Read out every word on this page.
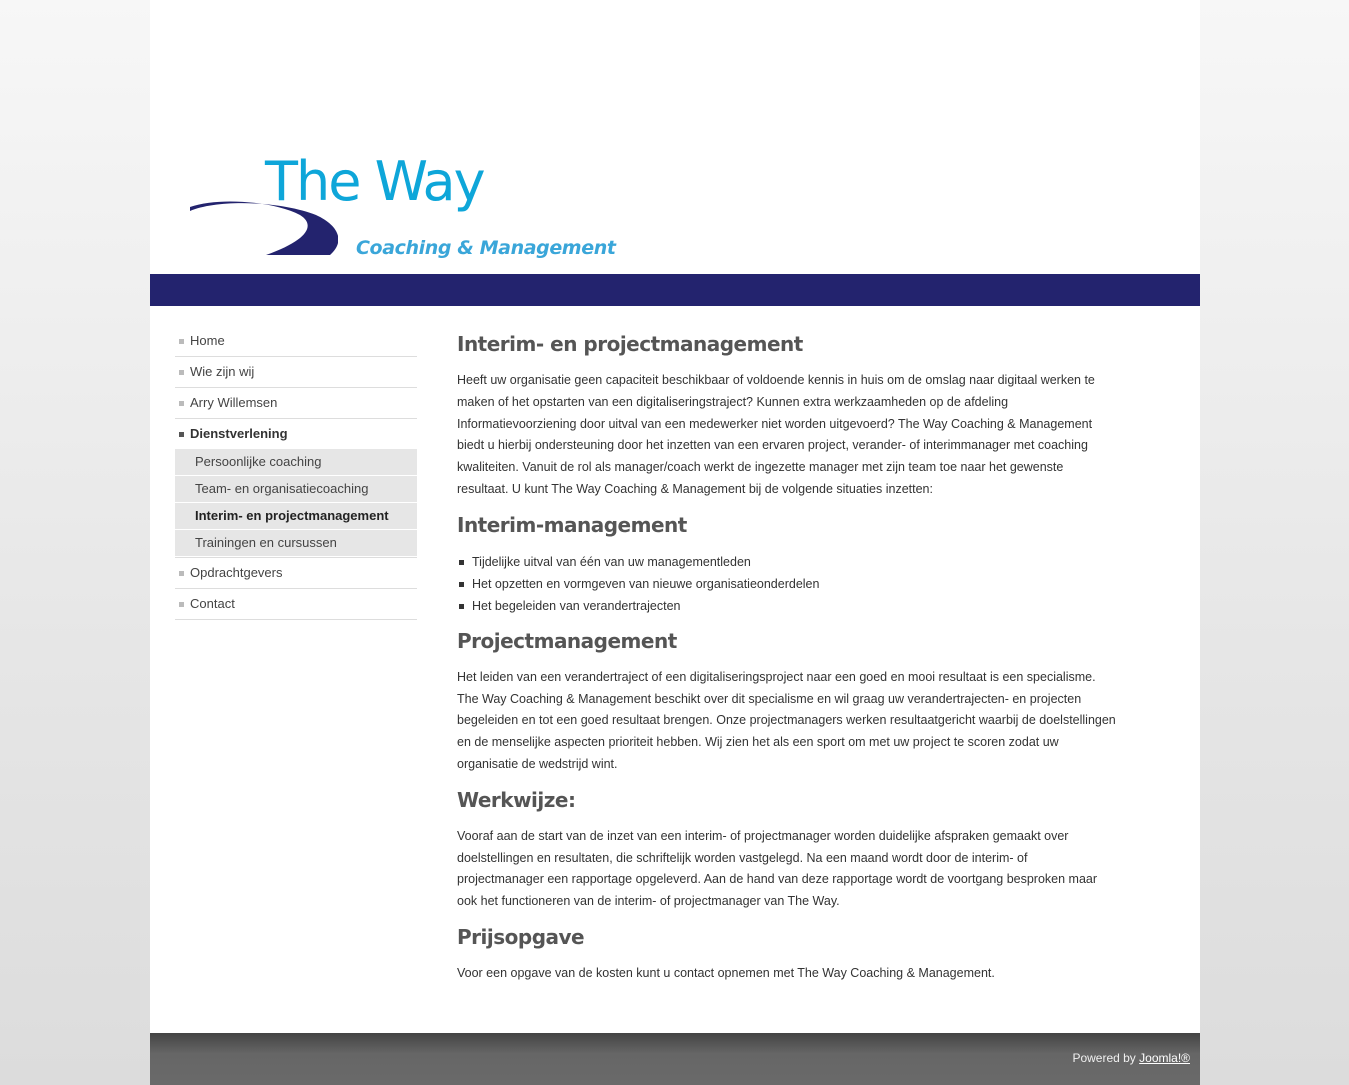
The Way
Coaching & Management
Home
Wie zijn wij
Arry Willemsen
Dienstverlening
Persoonlijke coaching
Team- en organisatiecoaching
Interim- en projectmanagement
Trainingen en cursussen
Opdrachtgevers
Contact
Interim- en projectmanagement

Heeft uw organisatie geen capaciteit beschikbaar of voldoende kennis in huis om de omslag naar digitaal werken te maken of het opstarten van een digitaliseringstraject? Kunnen extra werkzaamheden op de afdeling Informatievoorziening door uitval van een medewerker niet worden uitgevoerd? The Way Coaching & Management biedt u hierbij ondersteuning door het inzetten van een ervaren project, verander- of interimmanager met coaching kwaliteiten. Vanuit de rol als manager/coach werkt de ingezette manager met zijn team toe naar het gewenste resultaat. U kunt The Way Coaching & Management bij de volgende situaties inzetten:

Interim-management
Tijdelijke uitval van één van uw managementleden
Het opzetten en vormgeven van nieuwe organisatieonderdelen
Het begeleiden van verandertrajecten
Projectmanagement

Het leiden van een verandertraject of een digitaliseringsproject naar een goed en mooi resultaat is een specialisme. The Way Coaching & Management beschikt over dit specialisme en wil graag uw verandertrajecten- en projecten begeleiden en tot een goed resultaat brengen. Onze projectmanagers werken resultaatgericht waarbij de doelstellingen en de menselijke aspecten prioriteit hebben. Wij zien het als een sport om met uw project te scoren zodat uw organisatie de wedstrijd wint.

Werkwijze:

Vooraf aan de start van de inzet van een interim- of projectmanager worden duidelijke afspraken gemaakt over doelstellingen en resultaten, die schriftelijk worden vastgelegd. Na een maand wordt door de interim- of projectmanager een rapportage opgeleverd. Aan de hand van deze rapportage wordt de voortgang besproken maar ook het functioneren van de interim- of projectmanager van The Way.

Prijsopgave

Voor een opgave van de kosten kunt u contact opnemen met The Way Coaching & Management.

Powered by Joomla!®
